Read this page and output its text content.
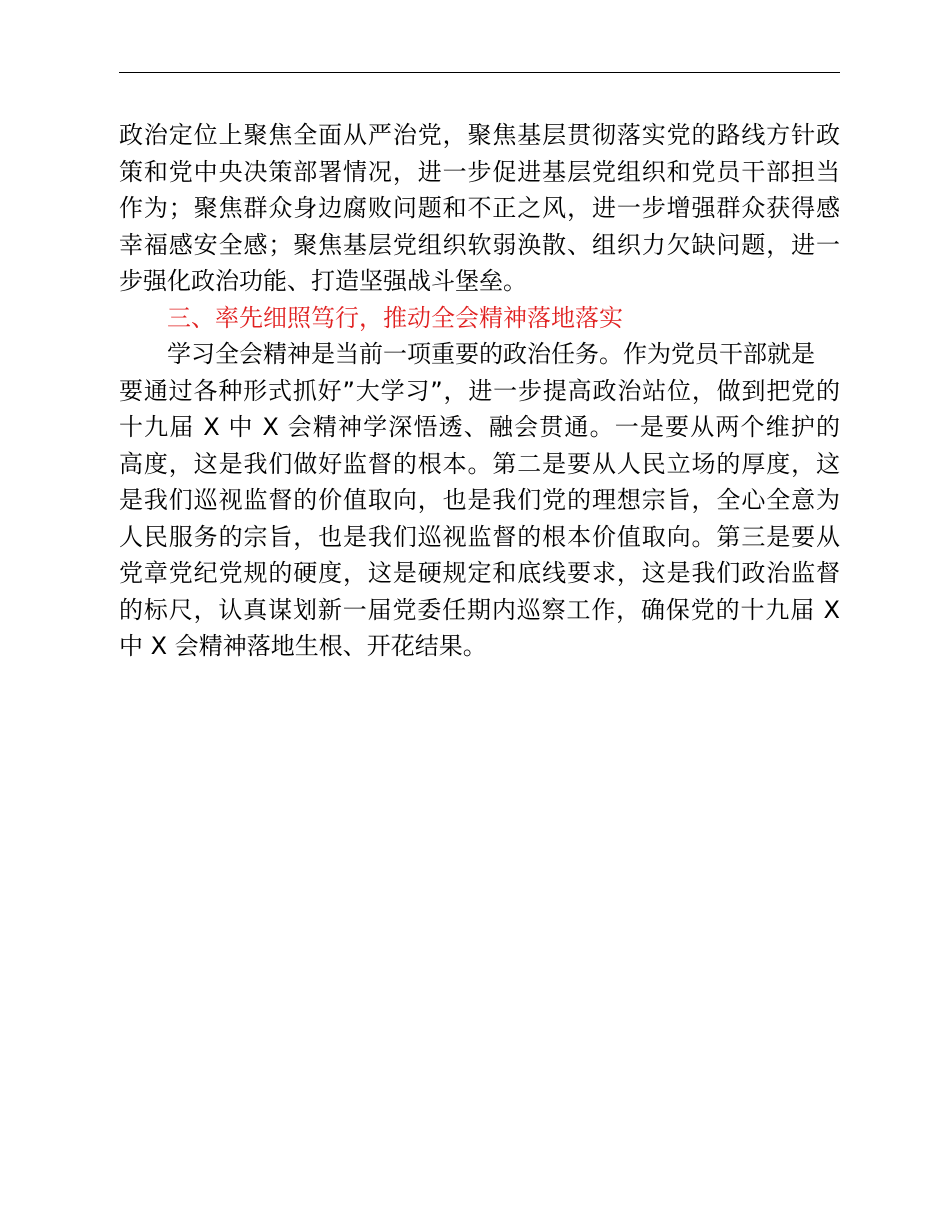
政治定位上聚焦全面从严治党，聚焦基层贯彻落实党的路线方针政
策和党中央决策部署情况，进一步促进基层党组织和党员干部担当
作为；聚焦群众身边腐败问题和不正之风，进一步增强群众获得感
幸福感安全感；聚焦基层党组织软弱涣散、组织力欠缺问题，进一
步强化政治功能、打造坚强战斗堡垒。
三、率先细照笃行，推动全会精神落地落实
学习全会精神是当前一项重要的政治任务。作为党员干部就是
要通过各种形式抓好”大学习”，进一步提高政治站位，做到把党的
十九届 X 中 X 会精神学深悟透、融会贯通。一是要从两个维护的
高度，这是我们做好监督的根本。第二是要从人民立场的厚度，这
是我们巡视监督的价值取向，也是我们党的理想宗旨，全心全意为
人民服务的宗旨，也是我们巡视监督的根本价值取向。第三是要从
党章党纪党规的硬度，这是硬规定和底线要求，这是我们政治监督
的标尺，认真谋划新一届党委任期内巡察工作，确保党的十九届 X
中 X 会精神落地生根、开花结果。
